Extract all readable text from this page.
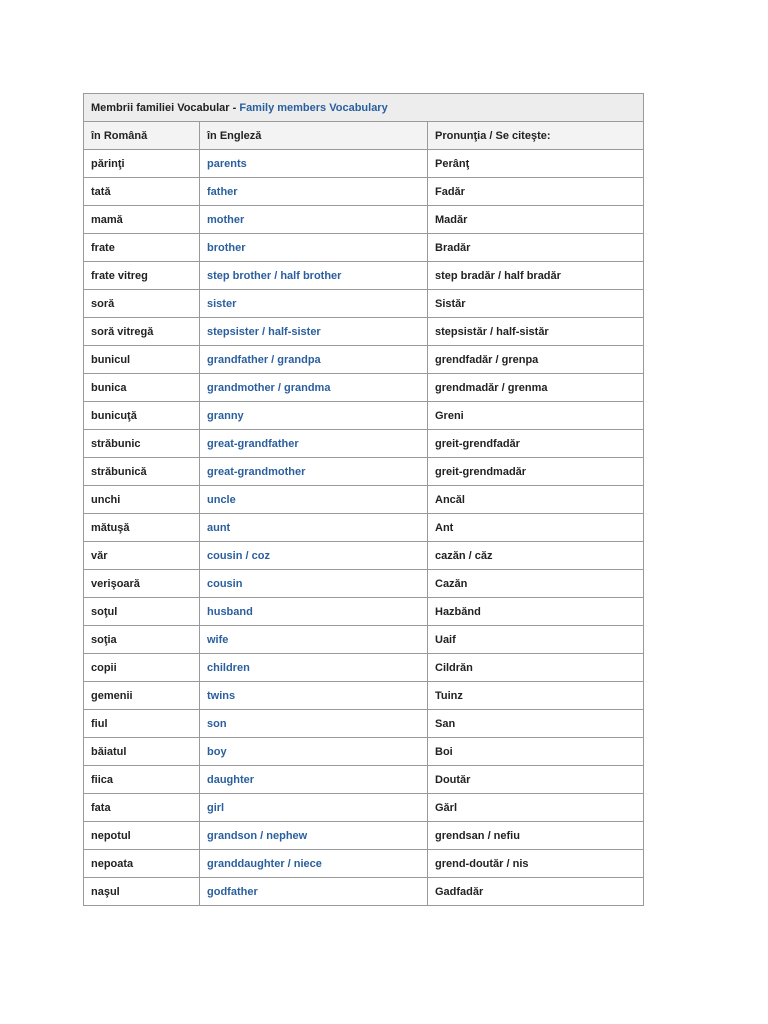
Membrii familiei Vocabular - Family members Vocabulary		
în Română	în Engleză	Pronunţia / Se citeşte:
părinţi	parents	Perânţ
tată	father	Fadăr
mamă	mother	Madăr
frate	brother	Bradăr
frate vitreg	step brother / half brother	step bradăr / half bradăr
soră	sister	Sistăr
soră vitregă	stepsister / half-sister	stepsistăr / half-sistăr
bunicul	grandfather / grandpa	grendfadăr / grenpa
bunica	grandmother / grandma	grendmadăr / grenma
bunicuţă	granny	Greni
străbunic	great-grandfather	greit-grendfadăr
străbunică	great-grandmother	greit-grendmadăr
unchi	uncle	Ancăl
mătuşă	aunt	Ant
văr	cousin / coz	cazăn / căz
verişoară	cousin	Cazăn
soţul	husband	Hazbănd
soţia	wife	Uaif
copii	children	Cildrăn
gemenii	twins	Tuinz
fiul	son	San
băiatul	boy	Boi
fiica	daughter	Doutăr
fata	girl	Gărl
nepotul	grandson / nephew	grendsan / nefiu
nepoata	granddaughter / niece	grend-doutăr / nis
naşul	godfather	Gadfadăr
